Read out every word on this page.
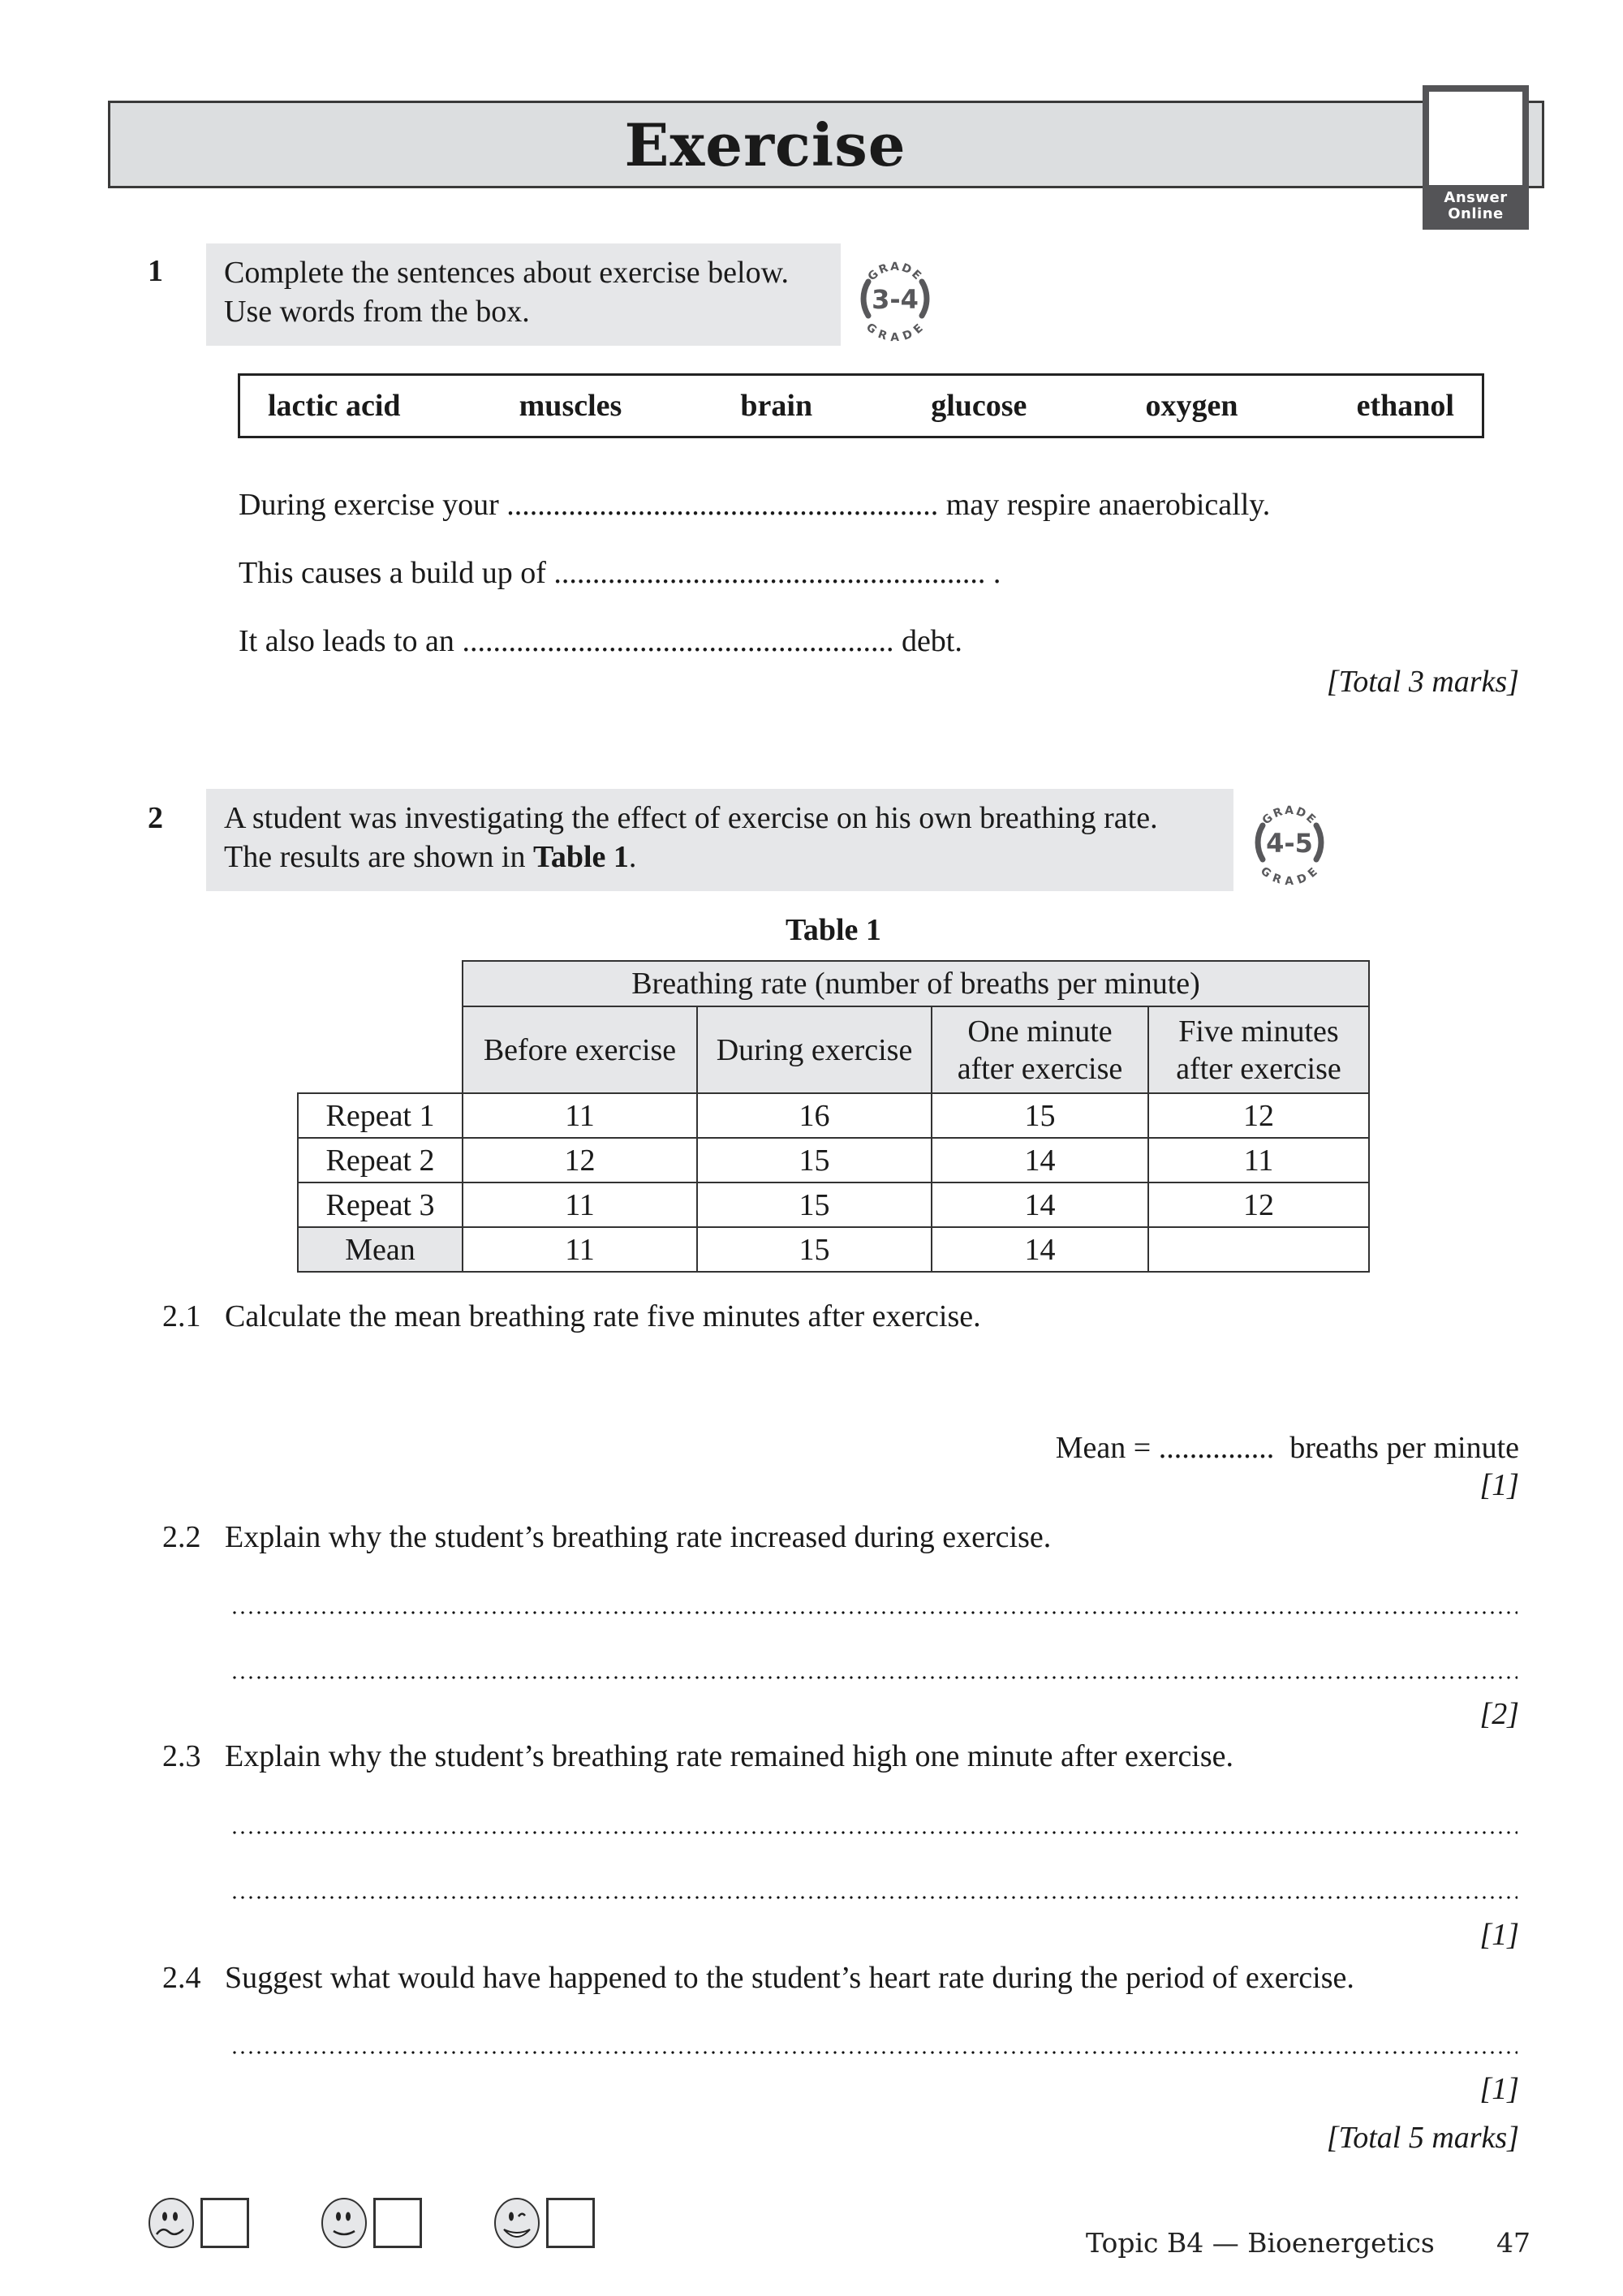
Exercise
Answer
Online
1 Complete the sentences about exercise below.
Use words from the box.
GRADE
GRADE
3-4
lactic acid	muscles	brain	glucose	oxygen	ethanol
During exercise your ........................................................ may respire anaerobically.
This causes a build up of ........................................................ .
It also leads to an ........................................................ debt.
[Total 3 marks]
2 A student was investigating the effect of exercise on his own breathing rate.
The results are shown in Table 1.
GRADE
GRADE
4-5
Table 1
	Breathing rate (number of breaths per minute)			

Before exercise	During exercise

One minute
after exercise

Five minutes
after exercise

Repeat 1	11	16	15	12
Repeat 2	12	15	14	11
Repeat 3	11	15	14	12
Mean	11	15	14	
2.1 Calculate the mean breathing rate five minutes after exercise.
Mean = ............... breaths per minute
[1]
2.2 Explain why the student’s breathing rate increased during exercise.
[2]
2.3 Explain why the student’s breathing rate remained high one minute after exercise.
[1]
2.4 Suggest what would have happened to the student’s heart rate during the period of exercise.
[1]
[Total 5 marks]
Topic B4 — Bioenergetics 47
